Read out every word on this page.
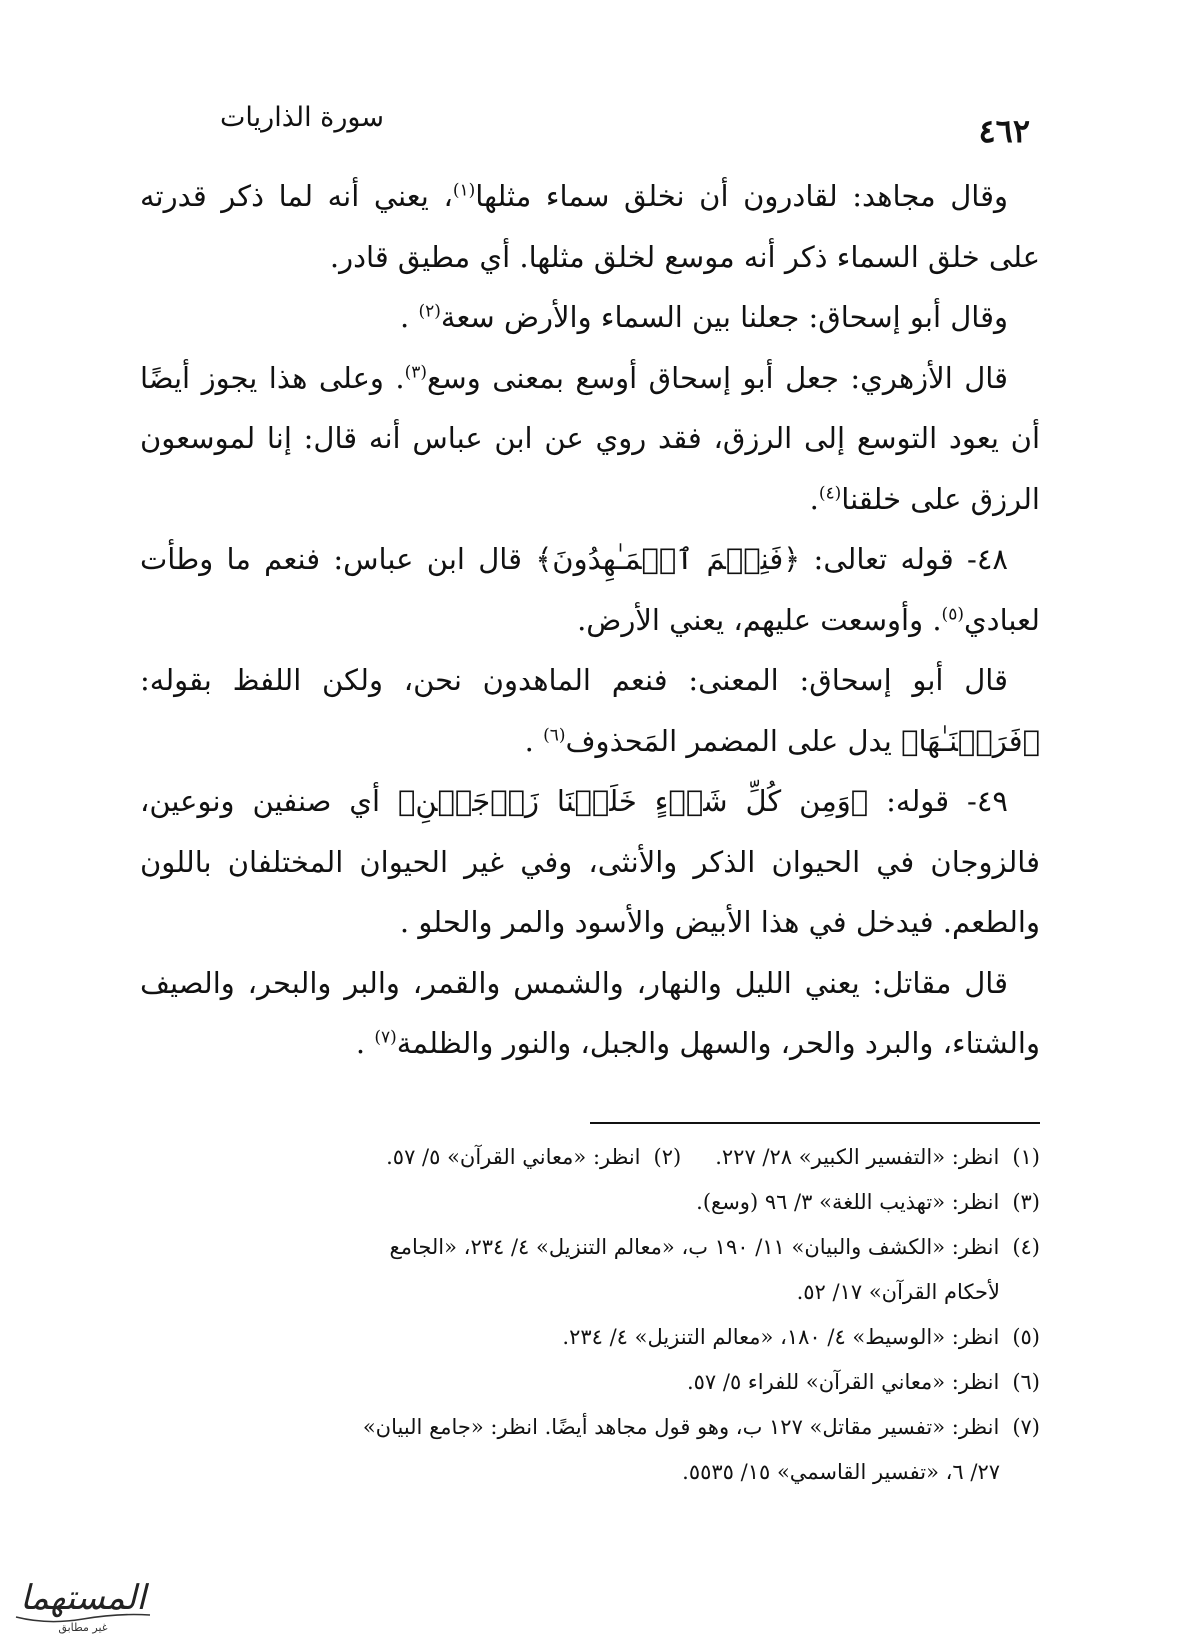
سورة الذاريات	٤٦٢

وقال مجاهد: لقادرون أن نخلق سماء مثلها$^{(١)}$، يعني أنه لما ذكر قدرته على خلق السماء ذكر أنه موسع لخلق مثلها. أي مطيق قادر.

وقال أبو إسحاق: جعلنا بين السماء والأرض سعة$^{(٢)}$ .

قال الأزهري: جعل أبو إسحاق أوسع بمعنى وسع$^{(٣)}$. وعلى هذا يجوز أيضًا أن يعود التوسع إلى الرزق، فقد روي عن ابن عباس أنه قال: إنا لموسعون الرزق على خلقنا$^{(٤)}$.

٤٨- قوله تعالى: ﴿فَنِعۡمَ ٱلۡمَـٰهِدُونَ﴾ قال ابن عباس: فنعم ما وطأت لعبادي$^{(٥)}$. وأوسعت عليهم، يعني الأرض.

قال أبو إسحاق: المعنى: فنعم الماهدون نحن، ولكن اللفظ بقوله: ﴿فَرَشۡنَـٰهَا﴾ يدل على المضمر المَحذوف$^{(٦)}$ .

٤٩- قوله: ﴿وَمِن كُلِّ شَىۡءٍ خَلَقۡنَا زَوۡجَيۡنِ﴾ أي صنفين ونوعين، فالزوجان في الحيوان الذكر والأنثى، وفي غير الحيوان المختلفان باللون والطعم. فيدخل في هذا الأبيض والأسود والمر والحلو .

قال مقاتل: يعني الليل والنهار، والشمس والقمر، والبر والبحر، والصيف والشتاء، والبرد والحر، والسهل والجبل، والنور والظلمة$^{(٧)}$ .

(١) انظر: «التفسير الكبير» ٢٨/ ٢٢٧.(٢) انظر: «معاني القرآن» ٥/ ٥٧.

(٣) انظر: «تهذيب اللغة» ٣/ ٩٦ (وسع).

(٤) انظر: «الكشف والبيان» ١١/ ١٩٠ ب، «معالم التنزيل» ٤/ ٢٣٤، «الجامع

لأحكام القرآن» ١٧/ ٥٢.

(٥) انظر: «الوسيط» ٤/ ١٨٠، «معالم التنزيل» ٤/ ٢٣٤.

(٦) انظر: «معاني القرآن» للفراء ٥/ ٥٧.

(٧) انظر: «تفسير مقاتل» ١٢٧ ب، وهو قول مجاهد أيضًا. انظر: «جامع البيان»

٢٧/ ٦، «تفسير القاسمي» ١٥/ ٥٥٣٥.

المستهما
غير مطابق
